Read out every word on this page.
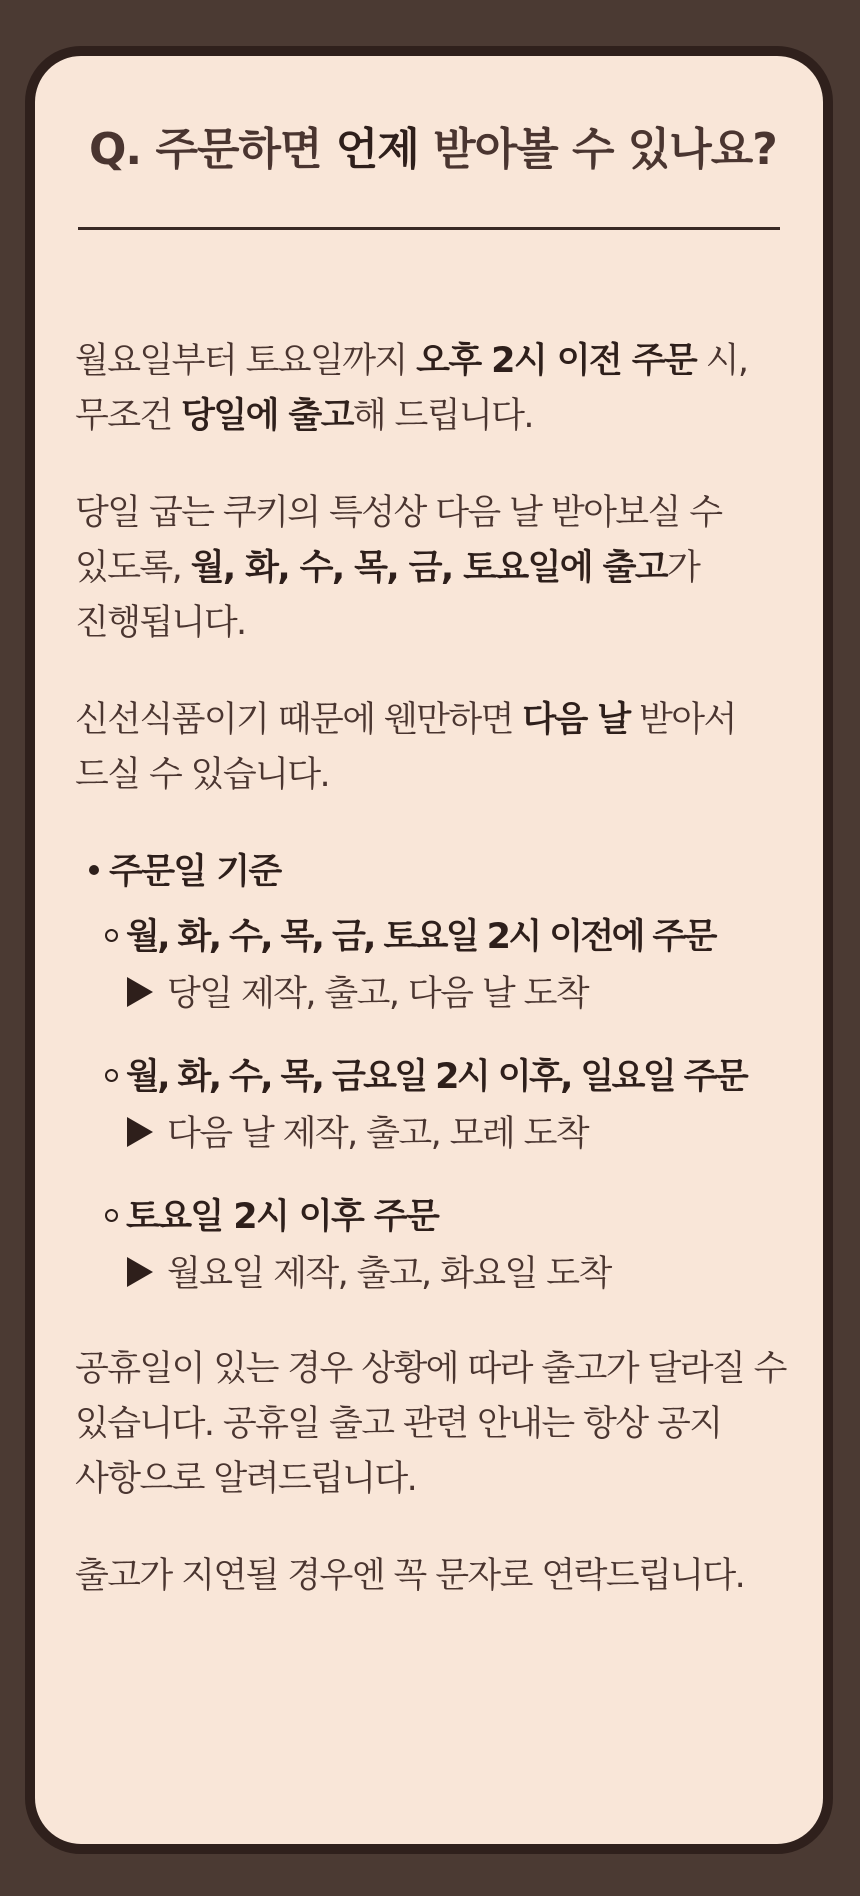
Q. 주문하면 언제 받아볼 수 있나요?

월요일부터 토요일까지 오후 2시 이전 주문 시, 무조건 당일에 출고해 드립니다.

당일 굽는 쿠키의 특성상 다음 날 받아보실 수 있도록, 월, 화, 수, 목, 금, 토요일에 출고가 진행됩니다.

신선식품이기 때문에 웬만하면 다음 날 받아서 드실 수 있습니다.

주문일 기준
월, 화, 수, 목, 금, 토요일 2시 이전에 주문
당일 제작, 출고, 다음 날 도착
월, 화, 수, 목, 금요일 2시 이후, 일요일 주문
다음 날 제작, 출고, 모레 도착
토요일 2시 이후 주문
월요일 제작, 출고, 화요일 도착

공휴일이 있는 경우 상황에 따라 출고가 달라질 수 있습니다. 공휴일 출고 관련 안내는 항상 공지 사항으로 알려드립니다.

출고가 지연될 경우엔 꼭 문자로 연락드립니다.
